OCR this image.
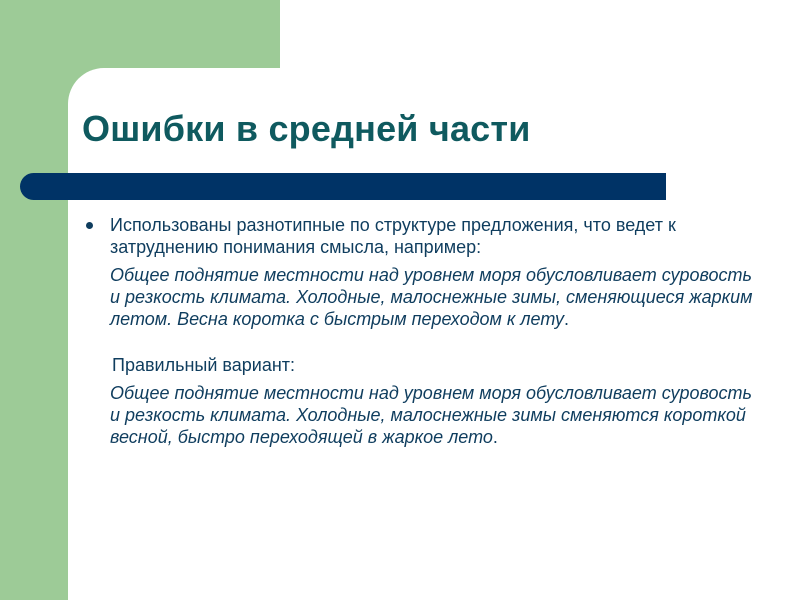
Ошибки в средней части
Использованы разнотипные по структуре предложения, что ведет к затруднению понимания смысла, например:
Общее поднятие местности над уровнем моря обусловливает суровость и резкость климата. Холодные, малоснежные зимы, сменяющиеся жарким летом. Весна коротка с быстрым переходом к лету.
Правильный вариант:
Общее поднятие местности над уровнем моря обусловливает суровость и резкость климата. Холодные, малоснежные зимы сменяются короткой весной, быстро переходящей в жаркое лето.
